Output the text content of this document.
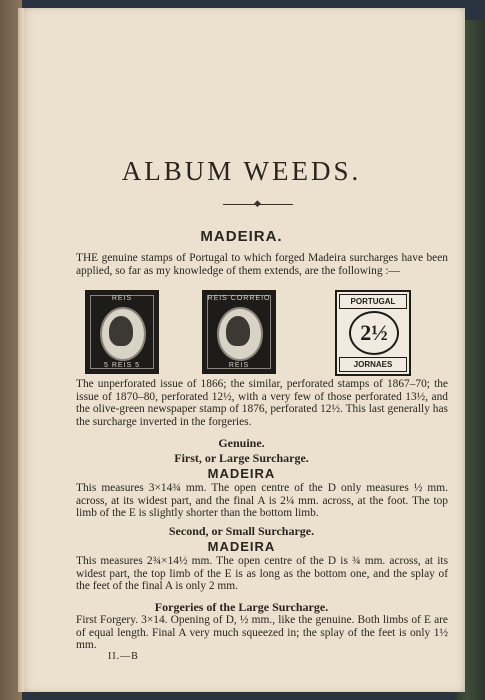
ALBUM WEEDS.
◆
MADEIRA.

THE genuine stamps of Portugal to which forged Madeira surcharges have been applied, so far as my knowledge of them extends, are the following :—

REIS
5 REIS 5
REIS CORREIO
REIS
PORTUGAL
2½
JORNAES

The unperforated issue of 1866; the similar, perforated stamps of 1867–70; the issue of 1870–80, perforated 12½, with a very few of those perforated 13½, and the olive-green newspaper stamp of 1876, perforated 12½. This last generally has the surcharge inverted in the forgeries.

Genuine.
First, or Large Surcharge.
MADEIRA

This measures 3×14¾ mm. The open centre of the D only measures ½ mm. across, at its widest part, and the final A is 2¼ mm. across, at the foot. The top limb of the E is slightly shorter than the bottom limb.

Second, or Small Surcharge.
MADEIRA

This measures 2¾×14½ mm. The open centre of the D is ¾ mm. across, at its widest part, the top limb of the E is as long as the bottom one, and the splay of the feet of the final A is only 2 mm.

Forgeries of the Large Surcharge.

First Forgery. 3×14. Opening of D, ½ mm., like the genuine. Both limbs of E are of equal length. Final A very much squeezed in; the splay of the feet is only 1½ mm.

II.—B
